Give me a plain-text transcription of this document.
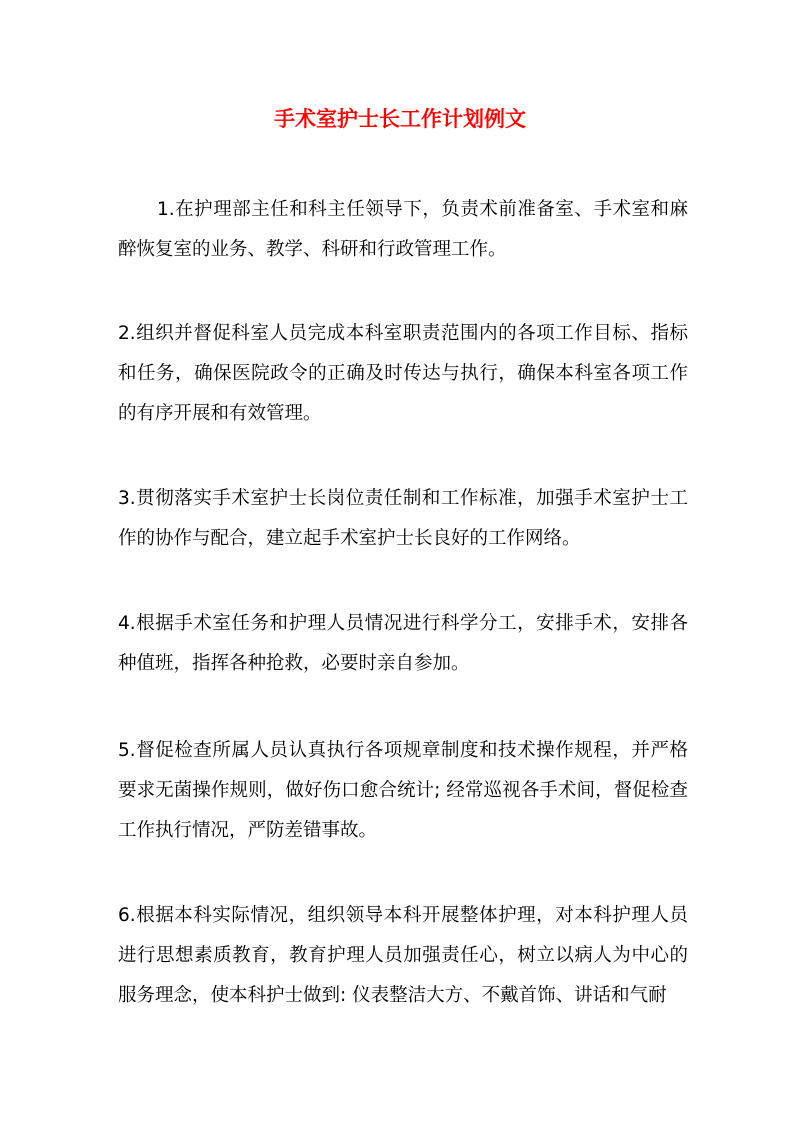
手术室护士长工作计划例文

1.在护理部主任和科主任领导下，负责术前准备室、手术室和麻醉恢复室的业务、教学、科研和行政管理工作。

2.组织并督促科室人员完成本科室职责范围内的各项工作目标、指标和任务，确保医院政令的正确及时传达与执行，确保本科室各项工作的有序开展和有效管理。

3.贯彻落实手术室护士长岗位责任制和工作标准，加强手术室护士工作的协作与配合，建立起手术室护士长良好的工作网络。

4.根据手术室任务和护理人员情况进行科学分工，安排手术，安排各种值班，指挥各种抢救，必要时亲自参加。

5.督促检查所属人员认真执行各项规章制度和技术操作规程，并严格要求无菌操作规则，做好伤口愈合统计; 经常巡视各手术间，督促检查工作执行情况，严防差错事故。

6.根据本科实际情况，组织领导本科开展整体护理，对本科护理人员进行思想素质教育，教育护理人员加强责任心，树立以病人为中心的服务理念，使本科护士做到: 仪表整洁大方、不戴首饰、讲话和气耐
